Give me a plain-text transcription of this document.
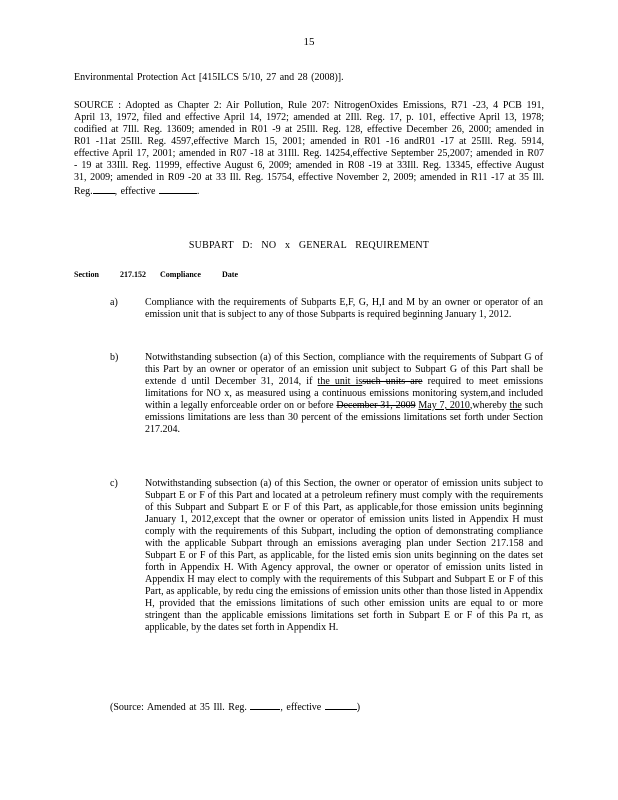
15

Environmental Protection Act [415ILCS 5/10, 27 and 28 (2008)].

SOURCE : Adopted as Chapter 2: Air Pollution, Rule 207: NitrogenOxides Emissions, R71 -23, 4 PCB 191, April 13, 1972, filed and effective April 14, 1972; amended at 2Ill. Reg. 17, p. 101, effective April 13, 1978; codified at 7Ill. Reg. 13609; amended in R01 -9 at 25Ill. Reg. 128, effective December 26, 2000; amended in R01 -11at 25Ill. Reg. 4597,effective March 15, 2001; amended in R01 -16 andR01 -17 at 25Ill. Reg. 5914, effective April 17, 2001; amended in R07 -18 at 31Ill. Reg. 14254,effective September 25,2007; amended in R07 - 19 at 33Ill. Reg. 11999, effective August 6, 2009; amended in R08 -19 at 33Ill. Reg. 13345, effective August 31, 2009; amended in R09 -20 at 33 Ill. Reg. 15754, effective November 2, 2009; amended in R11 -17 at 35 Ill. Reg. , effective	.

SUBPART D: NO x GENERAL REQUIREMENT
Section	217.152 Compliance	Date
a)	Compliance with the requirements of Subparts E,F, G, H,I and M by an owner or operator of an emission unit that is subject to any of those Subparts is required beginning January 1, 2012.

b)	Notwithstanding subsection (a) of this Section, compliance with the requirements of Subpart G of this Part by an owner or operator of an emission unit subject to Subpart G of this Part shall be extende d until December 31, 2014, if the unit issuch units are required to meet emissions limitations for NO x, as measured using a continuous emissions monitoring system,and included within a legally enforceable order on or before December 31, 2009 May 7, 2010,whereby the such emissions limitations are less than 30 percent of the emissions limitations set forth under Section 217.204.

c)	Notwithstanding subsection (a) of this Section, the owner or operator of emission units subject to Subpart E or F of this Part and located at a petroleum refinery must comply with the requirements of this Subpart and Subpart E or F of this Part, as applicable,for those emission units beginning January 1, 2012,except that the owner or operator of emission units listed in Appendix H must comply with the requirements of this Subpart, including the option of demonstrating compliance with the applicable Subpart through an emissions averaging plan under Section 217.158 and Subpart E or F of this Part, as applicable, for the listed emis sion units beginning on the dates set forth in Appendix H. With Agency approval, the owner or operator of emission units listed in Appendix H may elect to comply with the requirements of this Subpart and Subpart E or F of this Part, as applicable, by redu cing the emissions of emission units other than those listed in Appendix H, provided that the emissions limitations of such other emission units are equal to or more stringent than the applicable emissions limitations set forth in Subpart E or F of this Pa rt, as applicable, by the dates set forth in Appendix H.

(Source: Amended at 35 Ill. Reg.	, effective	)
